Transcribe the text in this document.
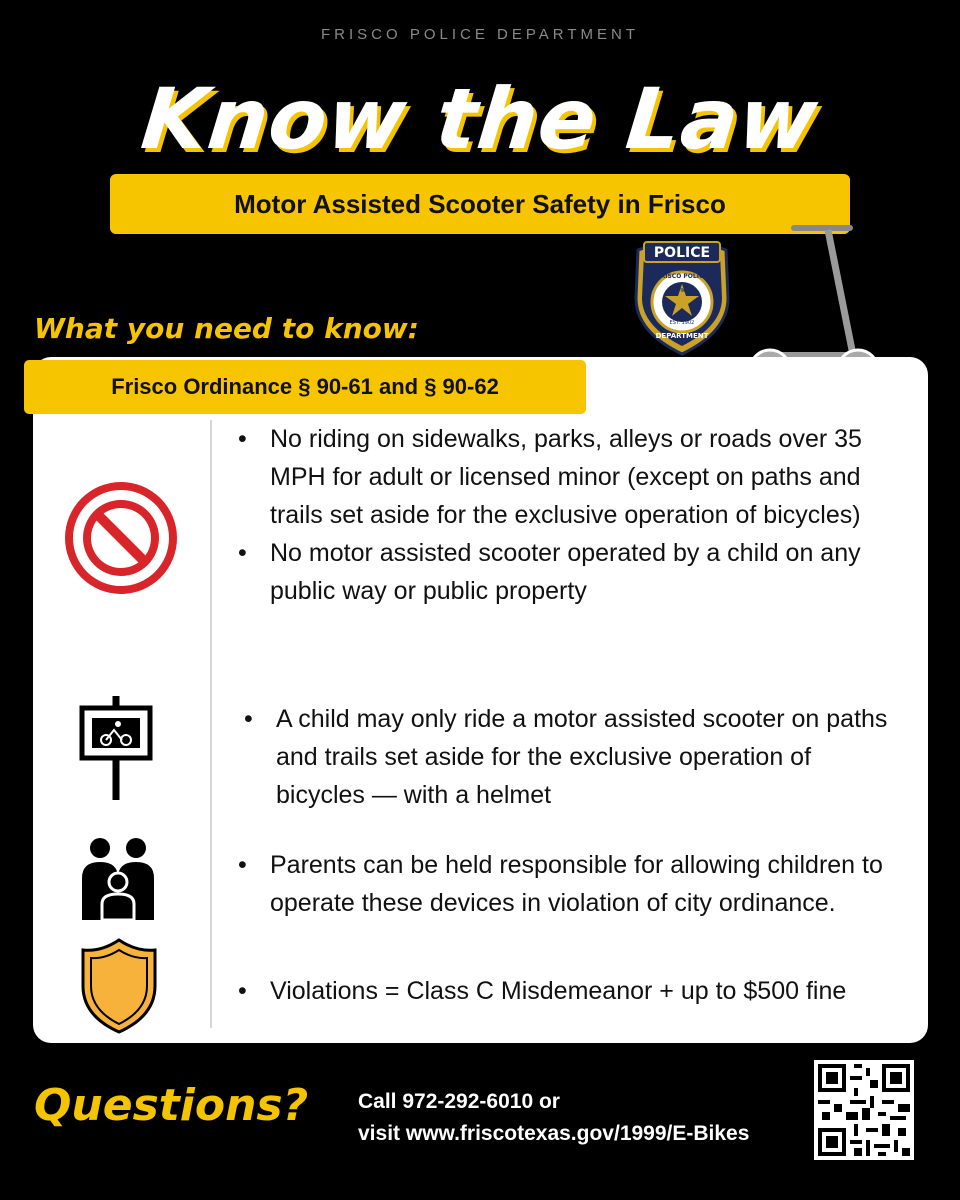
FRISCO POLICE DEPARTMENT
Know the Law
Motor Assisted Scooter Safety in Frisco
POLICE
FRISCO POLICE
OFFICER
EST. 1902
DEPARTMENT
What you need to know:
Frisco Ordinance § 90-61 and § 90-62
• No riding on sidewalks, parks, alleys or roads over 35 MPH for adult or licensed minor (except on paths and trails set aside for the exclusive operation of bicycles)
• No motor assisted scooter operated by a child on any public way or public property
• A child may only ride a motor assisted scooter on paths and trails set aside for the exclusive operation of bicycles — with a helmet
• Parents can be held responsible for allowing children to operate these devices in violation of city ordinance.
• Violations = Class C Misdemeanor + up to $500 fine
Questions? Call 972-292-6010 or
visit www.friscotexas.gov/1999/E-Bikes
